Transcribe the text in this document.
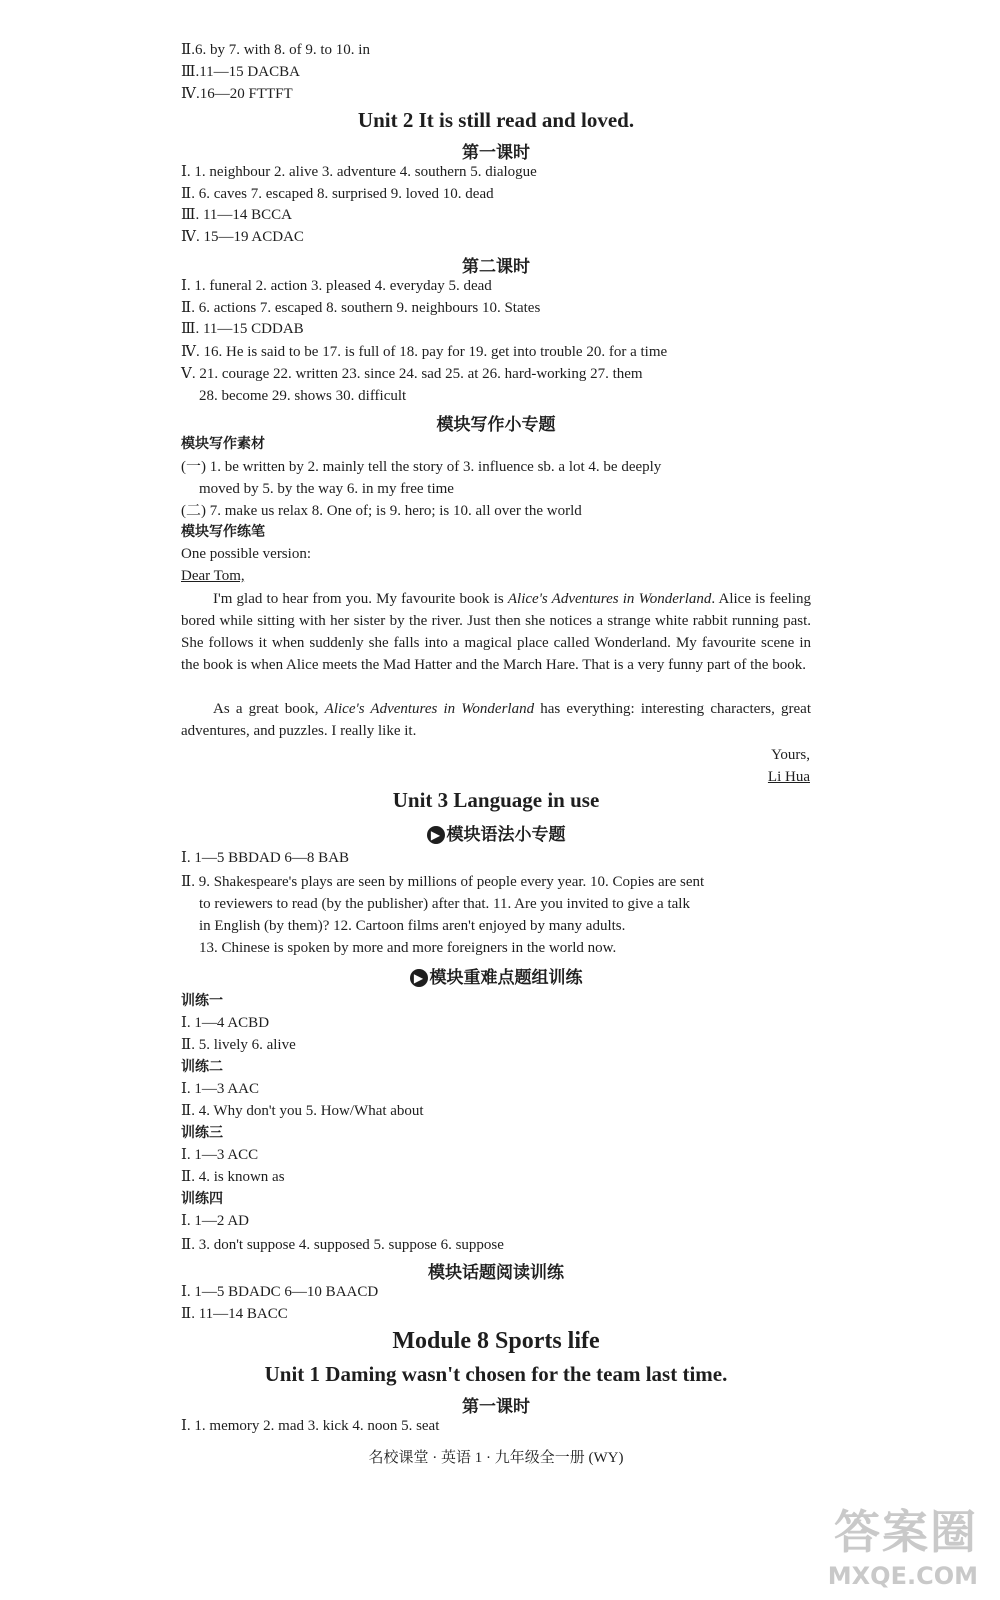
Ⅱ.6. by 7. with 8. of 9. to 10. in
Ⅲ.11—15 DACBA
Ⅳ.16—20 FTTFT
Unit 2 It is still read and loved.
第一课时
Ⅰ. 1. neighbour 2. alive 3. adventure 4. southern 5. dialogue
Ⅱ. 6. caves 7. escaped 8. surprised 9. loved 10. dead
Ⅲ. 11—14 BCCA
Ⅳ. 15—19 ACDAC
第二课时
Ⅰ. 1. funeral 2. action 3. pleased 4. everyday 5. dead
Ⅱ. 6. actions 7. escaped 8. southern 9. neighbours 10. States
Ⅲ. 11—15 CDDAB
Ⅳ. 16. He is said to be 17. is full of 18. pay for 19. get into trouble 20. for a time
Ⅴ. 21. courage 22. written 23. since 24. sad 25. at 26. hard-working 27. them
28. become 29. shows 30. difficult
模块写作小专题
模块写作素材
(一) 1. be written by 2. mainly tell the story of 3. influence sb. a lot 4. be deeply
moved by 5. by the way 6. in my free time
(二) 7. make us relax 8. One of; is 9. hero; is 10. all over the world
模块写作练笔
One possible version:
Dear Tom,
I'm glad to hear from you. My favourite book is Alice's Adventures in Wonderland. Alice is feeling bored while sitting with her sister by the river. Just then she notices a strange white rabbit running past. She follows it when suddenly she falls into a magical place called Wonderland. My favourite scene in the book is when Alice meets the Mad Hatter and the March Hare. That is a very funny part of the book.
As a great book, Alice's Adventures in Wonderland has everything: interesting characters, great adventures, and puzzles. I really like it.
Yours,
Li Hua
Unit 3 Language in use
▶ 模块语法小专题
Ⅰ. 1—5 BBDAD 6—8 BAB
Ⅱ. 9. Shakespeare's plays are seen by millions of people every year. 10. Copies are sent
to reviewers to read (by the publisher) after that. 11. Are you invited to give a talk
in English (by them)? 12. Cartoon films aren't enjoyed by many adults.
13. Chinese is spoken by more and more foreigners in the world now.
▶ 模块重难点题组训练
训练一
Ⅰ. 1—4 ACBD
Ⅱ. 5. lively 6. alive
训练二
Ⅰ. 1—3 AAC
Ⅱ. 4. Why don't you 5. How/What about
训练三
Ⅰ. 1—3 ACC
Ⅱ. 4. is known as
训练四
Ⅰ. 1—2 AD
Ⅱ. 3. don't suppose 4. supposed 5. suppose 6. suppose
模块话题阅读训练
Ⅰ. 1—5 BDADC 6—10 BAACD
Ⅱ. 11—14 BACC
Module 8 Sports life
Unit 1 Daming wasn't chosen for the team last time.
第一课时
Ⅰ. 1. memory 2. mad 3. kick 4. noon 5. seat
名校课堂 · 英语 1 · 九年级全一册 (WY)
答案圈
MXQE.COM
